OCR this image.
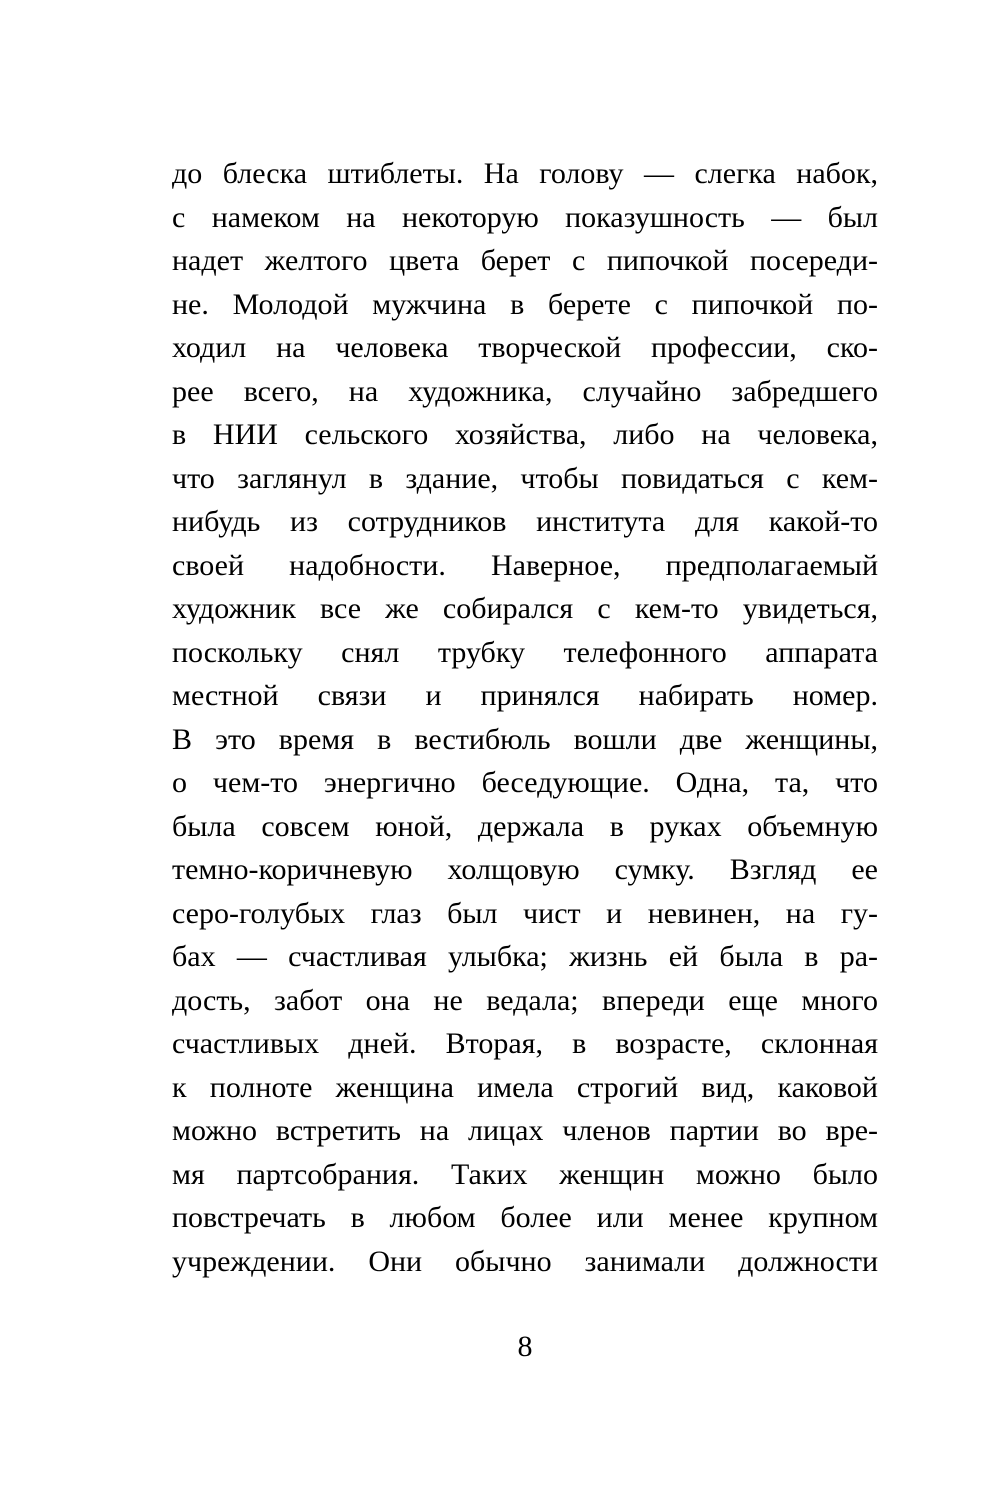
до блеска штиблеты. На голову — слегка набок,
с намеком на некоторую показушность — был
надет желтого цвета берет с пипочкой посереди-
не. Молодой мужчина в берете с пипочкой по-
ходил на человека творческой профессии, ско-
рее всего, на художника, случайно забредшего
в НИИ сельского хозяйства, либо на человека,
что заглянул в здание, чтобы повидаться с кем-
нибудь из сотрудников института для какой-то
своей надобности. Наверное, предполагаемый
художник все же собирался с кем-то увидеться,
поскольку снял трубку телефонного аппарата
местной связи и принялся набирать номер.
В это время в вестибюль вошли две женщины,
о чем-то энергично беседующие. Одна, та, что
была совсем юной, держала в руках объемную
темно-коричневую холщовую сумку. Взгляд ее
серо-голубых глаз был чист и невинен, на гу-
бах — счастливая улыбка; жизнь ей была в ра-
дость, забот она не ведала; впереди еще много
счастливых дней. Вторая, в возрасте, склонная
к полноте женщина имела строгий вид, каковой
можно встретить на лицах членов партии во вре-
мя партсобрания. Таких женщин можно было
повстречать в любом более или менее крупном
учреждении. Они обычно занимали должности
8
